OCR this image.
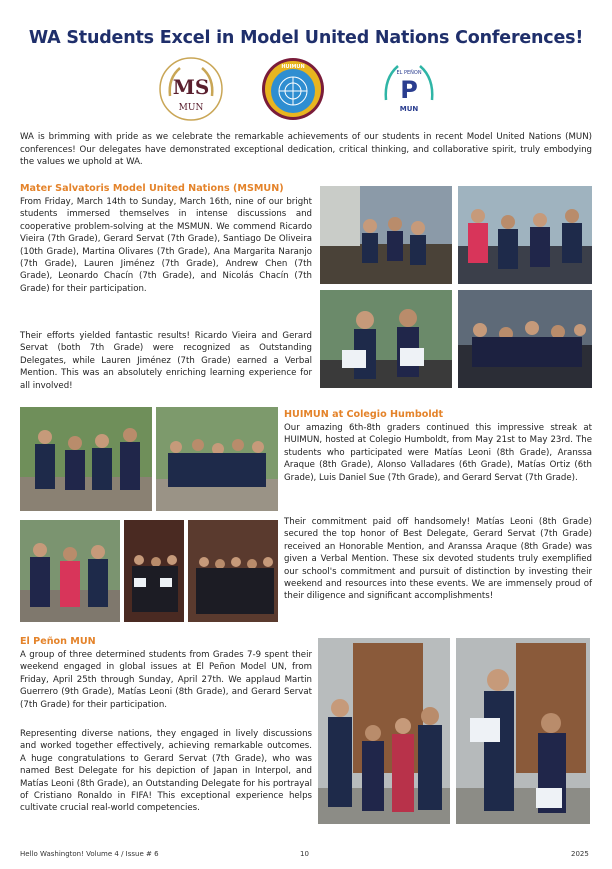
WA Students Excel in Model United Nations Conferences!
MS
MUN
HUIMUN
EL PEÑON
P
MUN
WA is brimming with pride as we celebrate the remarkable achievements of our students in recent Model United Nations (MUN) conferences! Our delegates have demonstrated exceptional dedication, critical thinking, and collaborative spirit, truly embodying the values we uphold at WA.
Mater Salvatoris Model United Nations (MSMUN)

From Friday, March 14th to Sunday, March 16th, nine of our bright students immersed themselves in intense discussions and cooperative problem-solving at the MSMUN. We commend Ricardo Vieira (7th Grade), Gerard Servat (7th Grade), Santiago De Oliveira (10th Grade), Martina Olivares (7th Grade), Ana Margarita Naranjo (7th Grade), Lauren Jiménez (7th Grade), Andrew Chen (7th Grade), Leonardo Chacín (7th Grade), and Nicolás Chacín (7th Grade) for their participation.

Their efforts yielded fantastic results! Ricardo Vieira and Gerard Servat (both 7th Grade) were recognized as Outstanding Delegates, while Lauren Jiménez (7th Grade) earned a Verbal Mention. This was an absolutely enriching learning experience for all involved!

HUIMUN at Colegio Humboldt

Our amazing 6th-8th graders continued this impressive streak at HUIMUN, hosted at Colegio Humboldt, from May 21st to May 23rd. The students who participated were Matías Leoni (8th Grade), Aranssa Araque (8th Grade), Alonso Valladares (6th Grade), Matías Ortiz (6th Grade), Luis Daniel Sue (7th Grade), and Gerard Servat (7th Grade).

Their commitment paid off handsomely! Matías Leoni (8th Grade) secured the top honor of Best Delegate, Gerard Servat (7th Grade) received an Honorable Mention, and Aranssa Araque (8th Grade) was given a Verbal Mention. These six devoted students truly exemplified our school's commitment and pursuit of distinction by investing their weekend and resources into these events. We are immensely proud of their diligence and significant accomplishments!

El Peñon MUN

A group of three determined students from Grades 7-9 spent their weekend engaged in global issues at El Peñon Model UN, from Friday, April 25th through Sunday, April 27th. We applaud Martin Guerrero (9th Grade), Matías Leoni (8th Grade), and Gerard Servat (7th Grade) for their participation.

Representing diverse nations, they engaged in lively discussions and worked together effectively, achieving remarkable outcomes. A huge congratulations to Gerard Servat (7th Grade), who was named Best Delegate for his depiction of Japan in Interpol, and Matías Leoni (8th Grade), an Outstanding Delegate for his portrayal of Cristiano Ronaldo in FIFA! This exceptional experience helps cultivate crucial real-world competencies.

Hello Washington! Volume 4 / Issue # 6	10	2025
